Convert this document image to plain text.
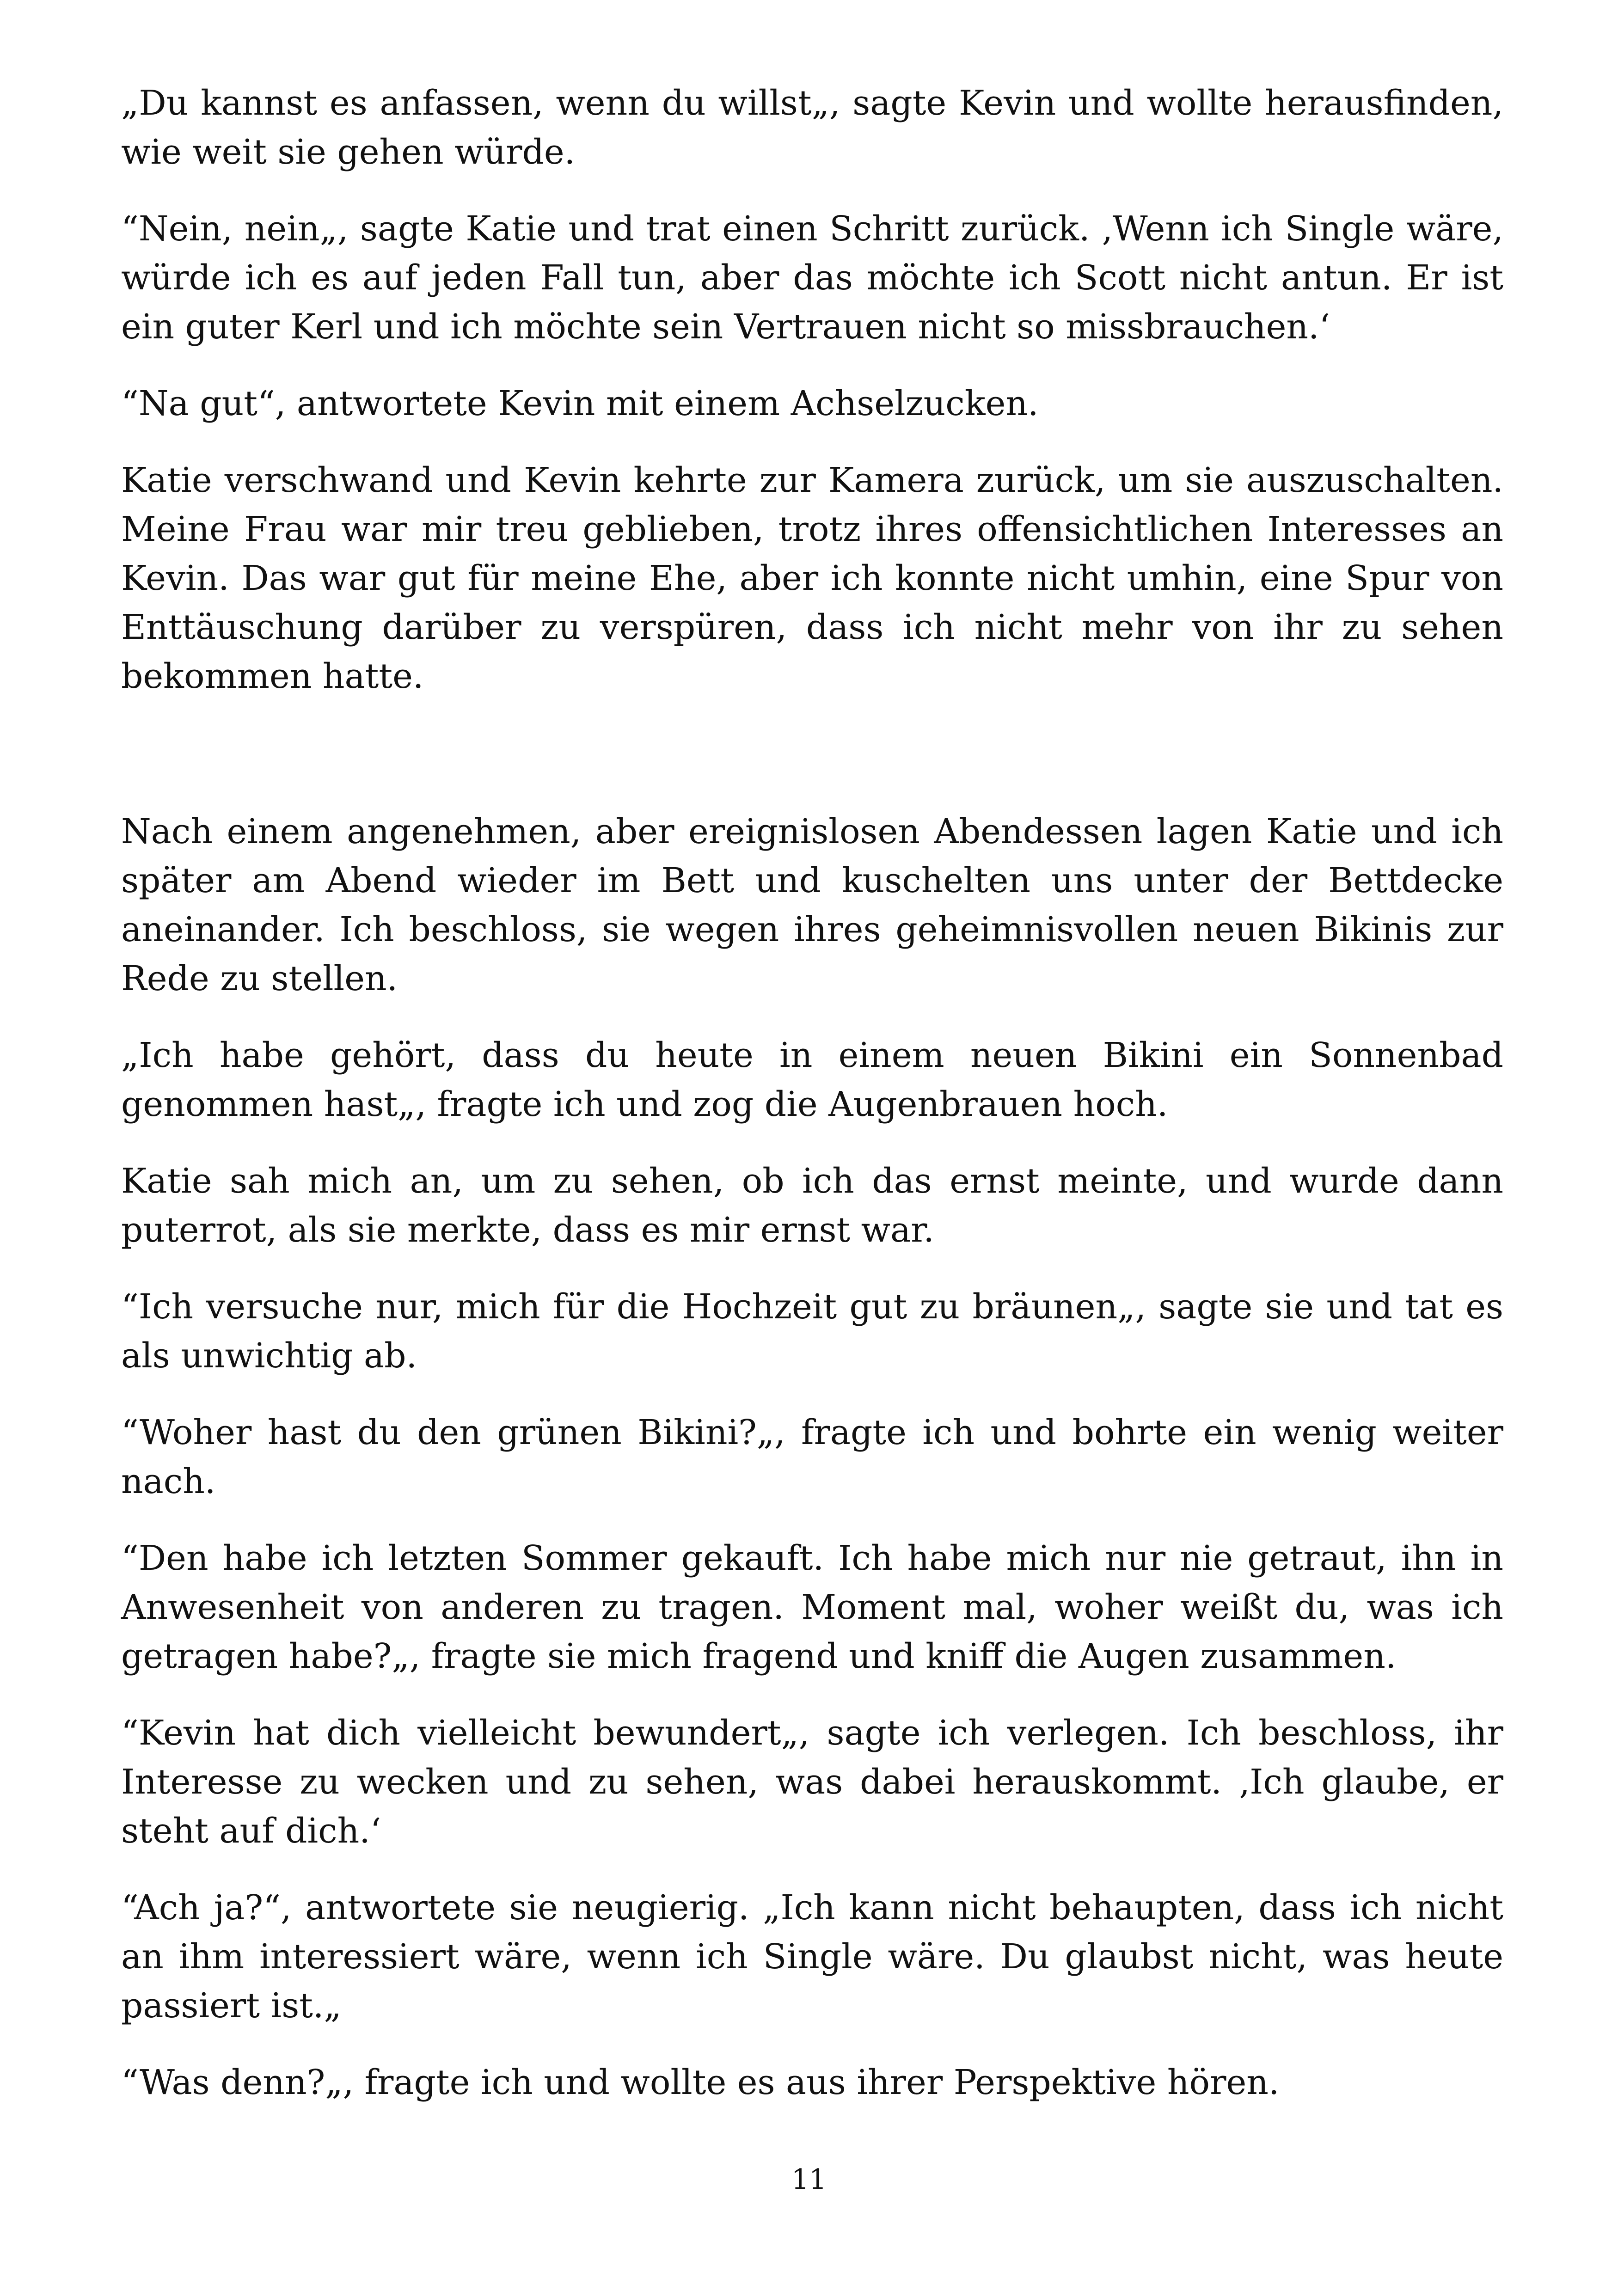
„Du kannst es anfassen, wenn du willst„, sagte Kevin und wollte herausfinden, wie weit sie gehen würde.

“Nein, nein„, sagte Katie und trat einen Schritt zurück. ‚Wenn ich Single wäre, würde ich es auf jeden Fall tun, aber das möchte ich Scott nicht antun. Er ist ein guter Kerl und ich möchte sein Vertrauen nicht so missbrauchen.‘

“Na gut“, antwortete Kevin mit einem Achselzucken.

Katie verschwand und Kevin kehrte zur Kamera zurück, um sie auszuschalten. Meine Frau war mir treu geblieben, trotz ihres offensichtlichen Interesses an Kevin. Das war gut für meine Ehe, aber ich konnte nicht umhin, eine Spur von Enttäuschung darüber zu verspüren, dass ich nicht mehr von ihr zu sehen bekommen hatte.

Nach einem angenehmen, aber ereignislosen Abendessen lagen Katie und ich später am Abend wieder im Bett und kuschelten uns unter der Bettdecke aneinander. Ich beschloss, sie wegen ihres geheimnisvollen neuen Bikinis zur Rede zu stellen.

„Ich habe gehört, dass du heute in einem neuen Bikini ein Sonnenbad genommen hast„, fragte ich und zog die Augenbrauen hoch.

Katie sah mich an, um zu sehen, ob ich das ernst meinte, und wurde dann puterrot, als sie merkte, dass es mir ernst war.

“Ich versuche nur, mich für die Hochzeit gut zu bräunen„, sagte sie und tat es als unwichtig ab.

“Woher hast du den grünen Bikini?„, fragte ich und bohrte ein wenig weiter nach.

“Den habe ich letzten Sommer gekauft. Ich habe mich nur nie getraut, ihn in Anwesenheit von anderen zu tragen. Moment mal, woher weißt du, was ich getragen habe?„, fragte sie mich fragend und kniff die Augen zusammen.

“Kevin hat dich vielleicht bewundert„, sagte ich verlegen. Ich beschloss, ihr Interesse zu wecken und zu sehen, was dabei herauskommt. ‚Ich glaube, er steht auf dich.‘

“Ach ja?“, antwortete sie neugierig. „Ich kann nicht behaupten, dass ich nicht an ihm interessiert wäre, wenn ich Single wäre. Du glaubst nicht, was heute passiert ist.„

“Was denn?„, fragte ich und wollte es aus ihrer Perspektive hören.

11
